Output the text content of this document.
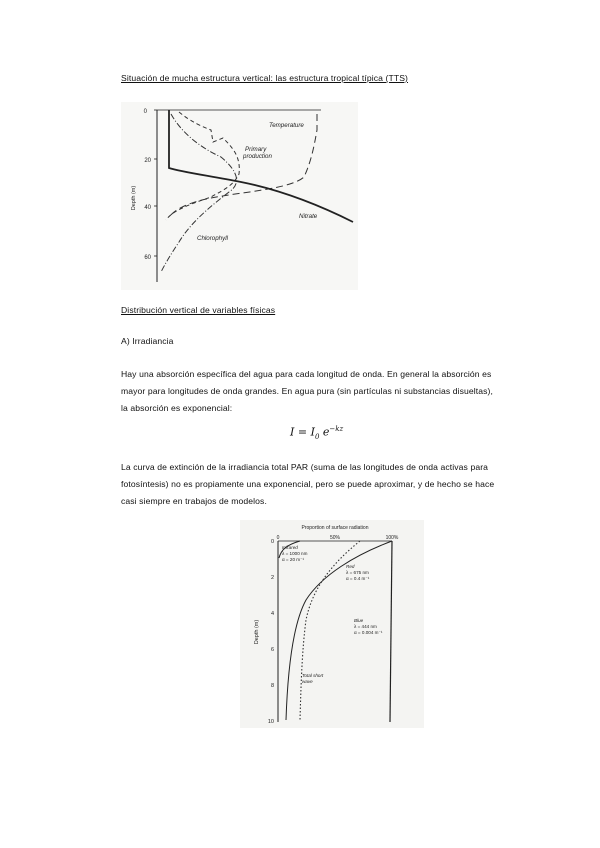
Situación de mucha estructura vertical: las estructura tropical típica (TTS)
0
20
40
60
Depth (m)
Temperature
Primary
production
Nitrate
Chlorophyll
Distribución vertical de variables físicas
A) Irradiancia
Hay una absorción específica del agua para cada longitud de onda. En general la absorción es mayor para longitudes de onda grandes. En agua pura (sin partículas ni substancias disueltas), la absorción es exponencial:
$I = I_0$ $e^{-kz}$
La curva de extinción de la irradiancia total PAR (suma de las longitudes de onda activas para fotosíntesis) no es propiamente una exponencial, pero se puede aproximar, y de hecho se hace casi siempre en trabajos de modelos.
Proportion of surface radiation
0	50%	100%
0
2
4
6
8
10
Depth (m)
Infrared
λ = 1000 nm
α = 20 m⁻¹
Red
λ = 675 nm
α = 0.4 m⁻¹
Blue
λ = 444 nm
α = 0.004 m⁻¹
Total short
wave
